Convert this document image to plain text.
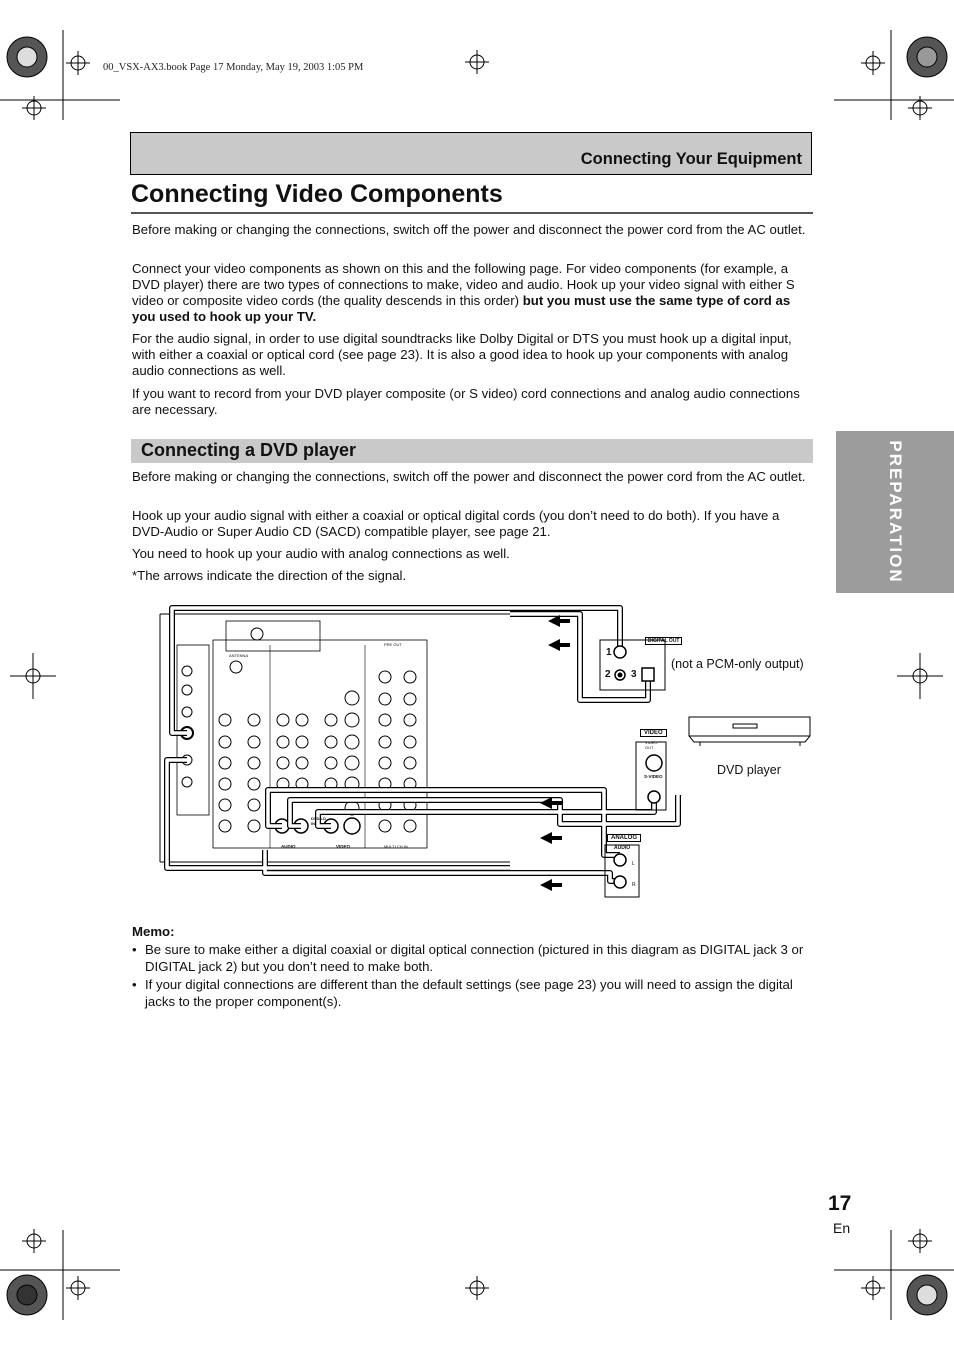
00_VSX-AX3.book Page 17 Monday, May 19, 2003 1:05 PM
Connecting Your Equipment
Connecting Video Components

Before making or changing the connections, switch off the power and disconnect the power cord from the AC outlet.

Connect your video components as shown on this and the following page. For video components (for example, a DVD player) there are two types of connections to make, video and audio. Hook up your video signal with either S video or composite video cords (the quality descends in this order) but you must use the same type of cord as you used to hook up your TV.

For the audio signal, in order to use digital soundtracks like Dolby Digital or DTS you must hook up a digital input, with either a coaxial or optical cord (see page 23). It is also a good idea to hook up your components with analog audio connections as well.

If you want to record from your DVD player composite (or S video) cord connections and analog audio connections are necessary.

Connecting a DVD player

Before making or changing the connections, switch off the power and disconnect the power cord from the AC outlet.

Hook up your audio signal with either a coaxial or optical digital cords (you don’t need to do both). If you have a DVD-Audio or Super Audio CD (SACD) compatible player, see page 21.

You need to hook up your audio with analog connections as well.

*The arrows indicate the direction of the signal.

1
2 3
DIGITAL OUT
(not a PCM-only output)
DVD player
VIDEO
VIDEO OUT
S-VIDEO
ANALOG
AUDIO
L
R
AUDIO	VIDEO
DVD/LD IN
ANTENNA
PRE OUT
MULTI CH IN
Memo:
• Be sure to make either a digital coaxial or digital optical connection (pictured in this diagram as DIGITAL jack 3 or DIGITAL jack 2) but you don’t need to make both.
• If your digital connections are different than the default settings (see page 23) you will need to assign the digital jacks to the proper component(s).
PREPARATION
17
En
